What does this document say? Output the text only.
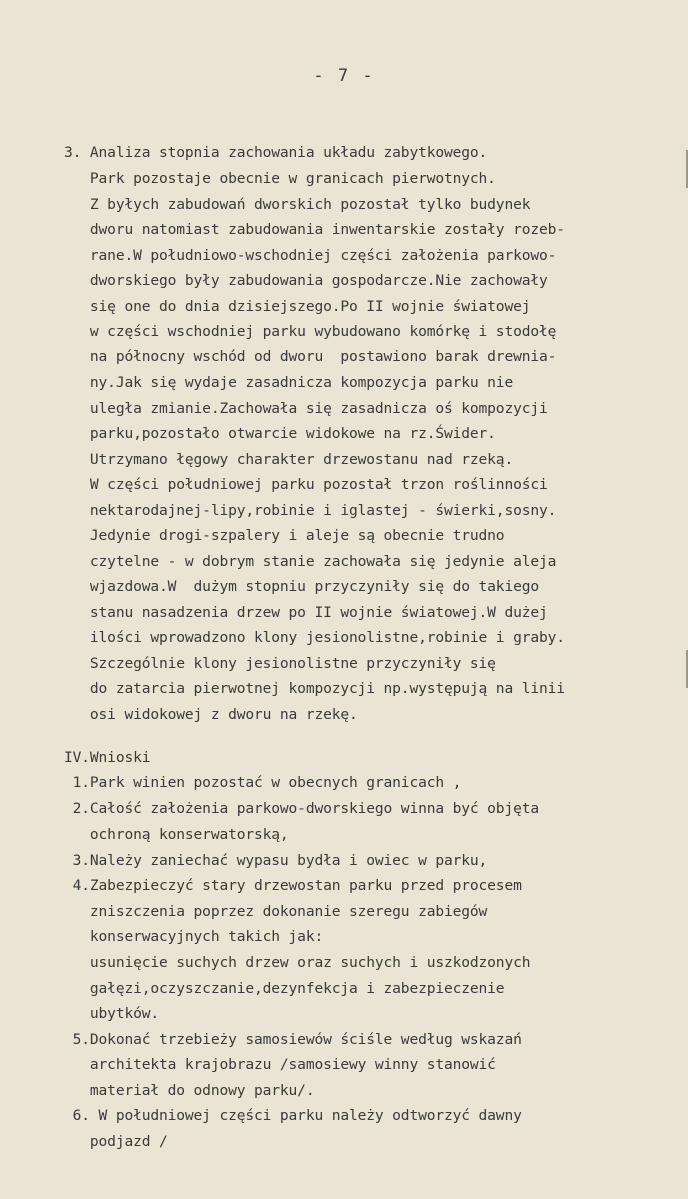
- 7 -
3. Analiza stopnia zachowania układu zabytkowego.
Park pozostaje obecnie w granicach pierwotnych.
Z byłych zabudowań dworskich pozostał tylko budynek
dworu natomiast zabudowania inwentarskie zostały rozeb-
rane.W południowo-wschodniej części założenia parkowo-
dworskiego były zabudowania gospodarcze.Nie zachowały
się one do dnia dzisiejszego.Po II wojnie światowej
w części wschodniej parku wybudowano komórkę i stodołę
na północny wschód od dworu  postawiono barak drewnia-
ny.Jak się wydaje zasadnicza kompozycja parku nie
uległa zmianie.Zachowała się zasadnicza oś kompozycji
parku,pozostało otwarcie widokowe na rz.Świder.
Utrzymano łęgowy charakter drzewostanu nad rzeką.
W części południowej parku pozostał trzon roślinności
nektarodajnej-lipy,robinie i iglastej - świerki,sosny.
Jedynie drogi-szpalery i aleje są obecnie trudno
czytelne - w dobrym stanie zachowała się jedynie aleja
wjazdowa.W  dużym stopniu przyczyniły się do takiego
stanu nasadzenia drzew po II wojnie światowej.W dużej
ilości wprowadzono klony jesionolistne,robinie i graby.
Szczególnie klony jesionolistne przyczyniły się
do zatarcia pierwotnej kompozycji np.występują na linii
osi widokowej z dworu na rzekę.
IV.Wnioski
1.Park winien pozostać w obecnych granicach ,
2.Całość założenia parkowo-dworskiego winna być objęta
ochroną konserwatorską,
3.Należy zaniechać wypasu bydła i owiec w parku,
4.Zabezpieczyć stary drzewostan parku przed procesem
zniszczenia poprzez dokonanie szeregu zabiegów
konserwacyjnych takich jak:
usunięcie suchych drzew oraz suchych i uszkodzonych
gałęzi,oczyszczanie,dezynfekcja i zabezpieczenie
ubytków.
5.Dokonać trzebieży samosiewów ściśle według wskazań
architekta krajobrazu /samosiewy winny stanowić
materiał do odnowy parku/.
6. W południowej części parku należy odtworzyć dawny
podjazd /
